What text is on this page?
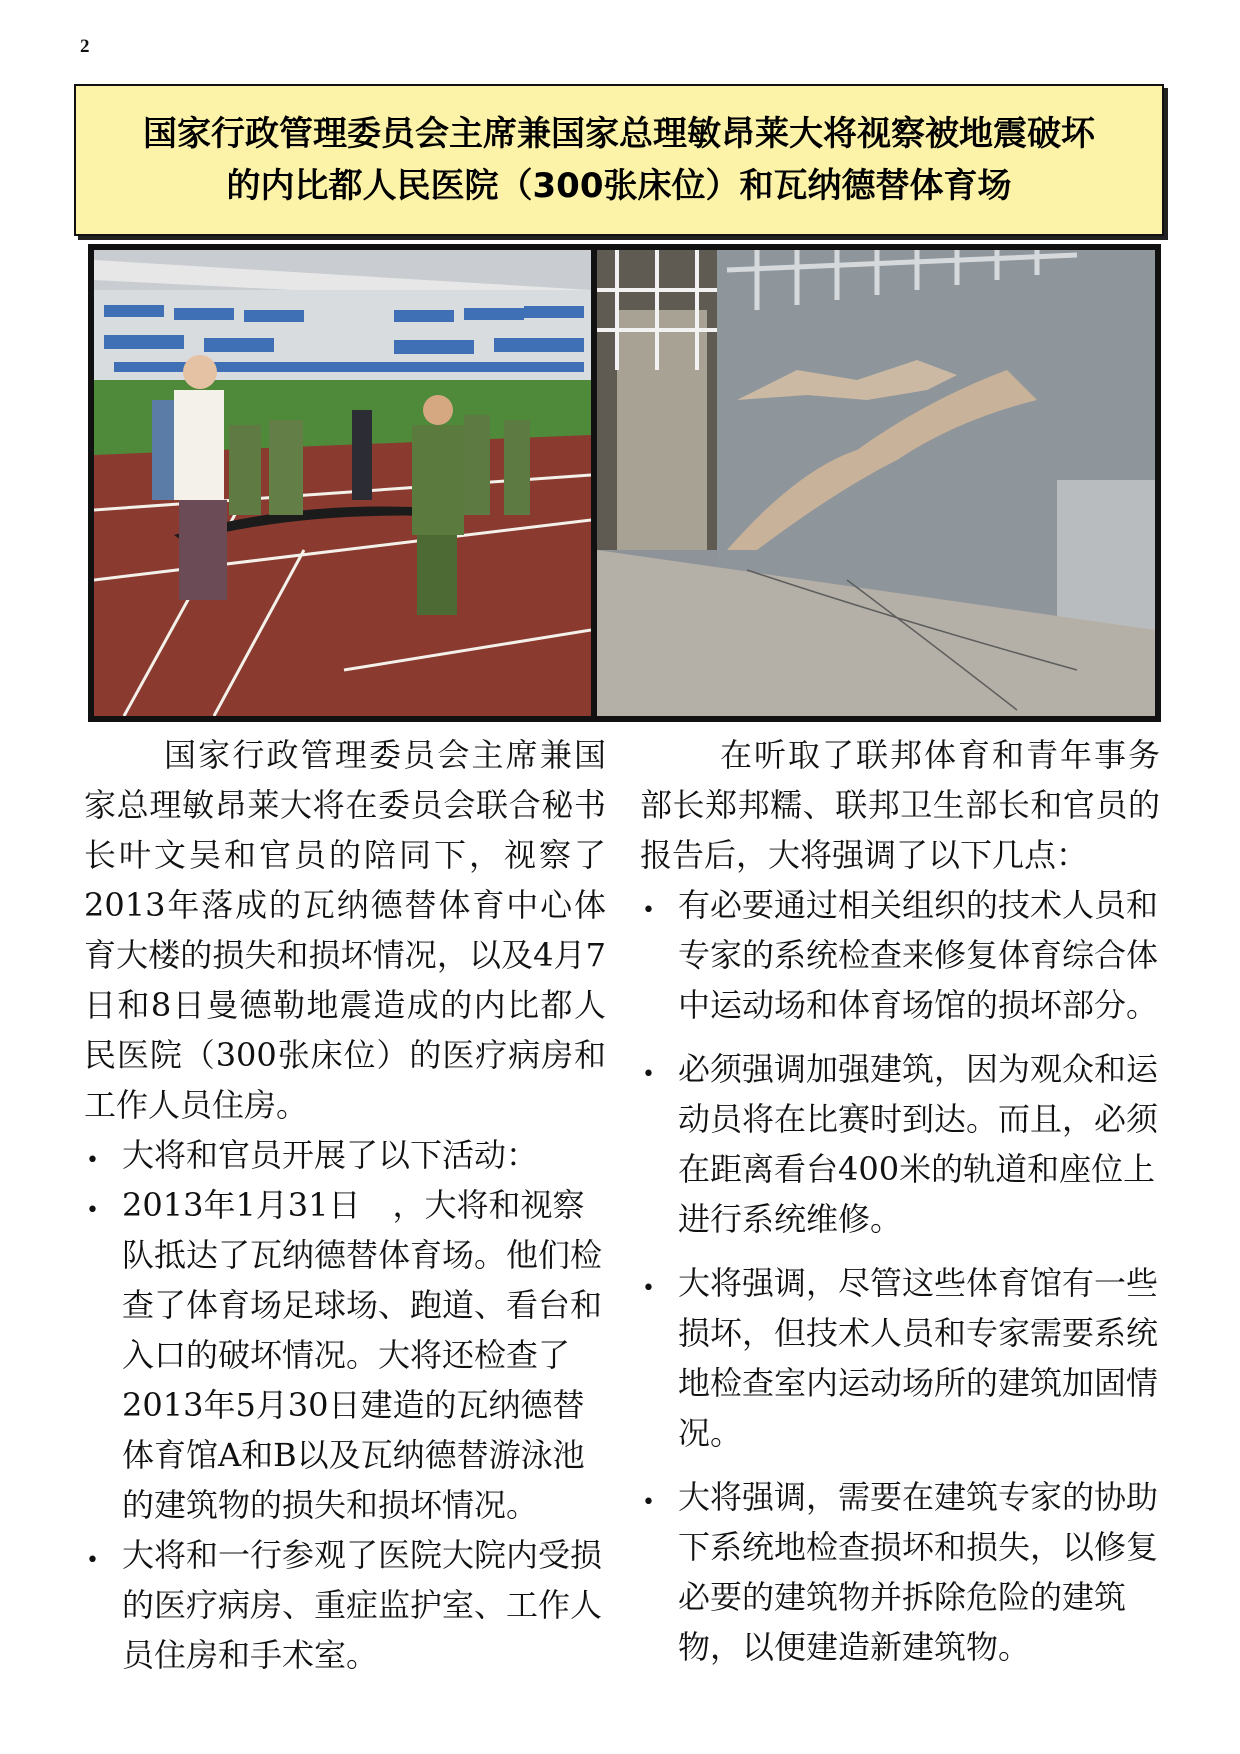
2
国家行政管理委员会主席兼国家总理敏昂莱大将视察被地震破坏
的内比都人民医院（300张床位）和瓦纳德替体育场

国家行政管理委员会主席兼国家总理敏昂莱大将在委员会联合秘书长叶文吴和官员的陪同下，视察了2013年落成的瓦纳德替体育中心体育大楼的损失和损坏情况，以及4月7日和8日曼德勒地震造成的内比都人民医院（300张床位）的医疗病房和工作人员住房。

• 大将和官员开展了以下活动：
• 2013年1月31日　，大将和视察队抵达了瓦纳德替体育场。他们检查了体育场足球场、跑道、看台和入口的破坏情况。大将还检查了2013年5月30日建造的瓦纳德替体育馆A和B以及瓦纳德替游泳池的建筑物的损失和损坏情况。
• 大将和一行参观了医院大院内受损的医疗病房、重症监护室、工作人员住房和手术室。

在听取了联邦体育和青年事务部长郑邦糯、联邦卫生部长和官员的报告后，大将强调了以下几点：

• 有必要通过相关组织的技术人员和专家的系统检查来修复体育综合体中运动场和体育场馆的损坏部分。
• 必须强调加强建筑，因为观众和运动员将在比赛时到达。而且，必须在距离看台400米的轨道和座位上进行系统维修。
• 大将强调，尽管这些体育馆有一些损坏，但技术人员和专家需要系统地检查室内运动场所的建筑加固情况。
• 大将强调，需要在建筑专家的协助下系统地检查损坏和损失，以修复必要的建筑物并拆除危险的建筑物，以便建造新建筑物。
